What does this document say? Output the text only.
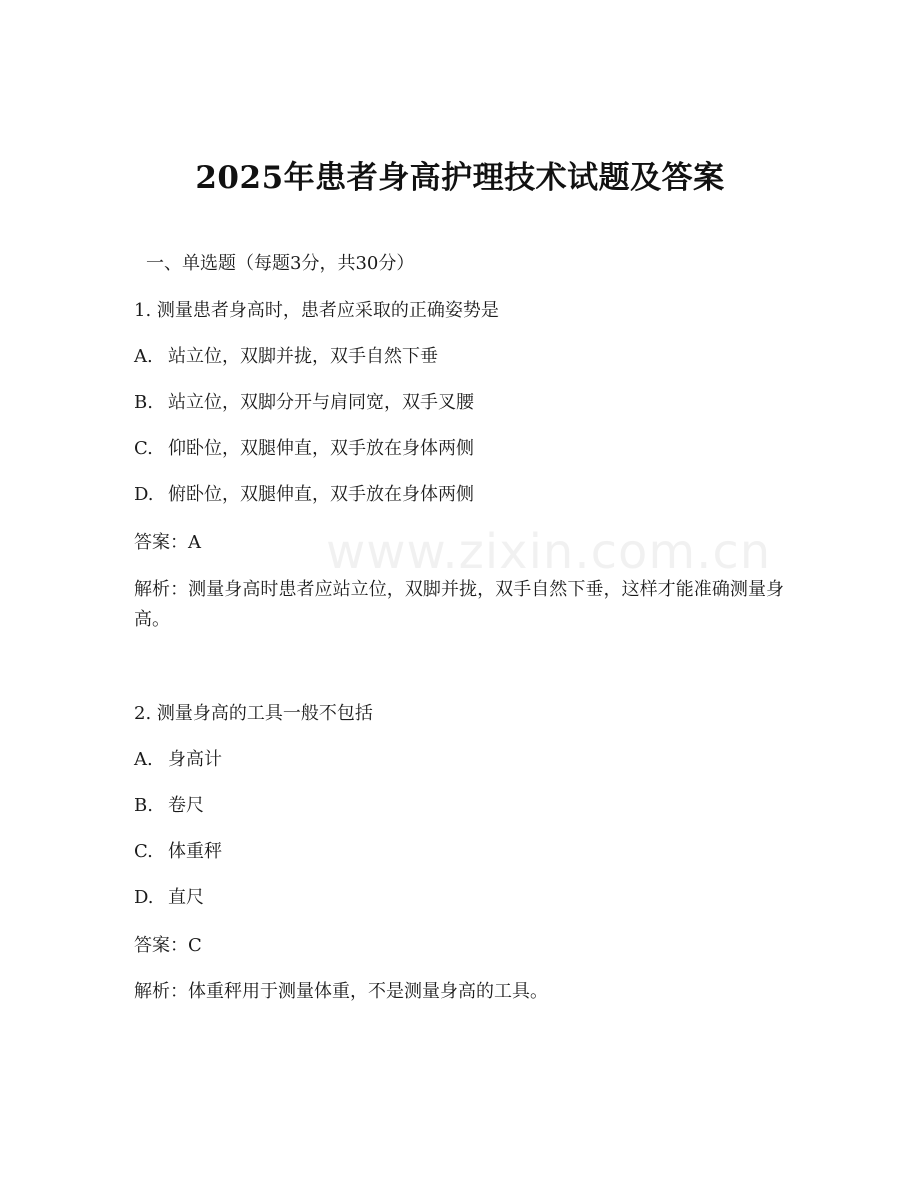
www.zixin.com.cn
2025年患者身高护理技术试题及答案
一、单选题（每题3分，共30分）
1. 测量患者身高时，患者应采取的正确姿势是
A. 站立位，双脚并拢，双手自然下垂
B. 站立位，双脚分开与肩同宽，双手叉腰
C. 仰卧位，双腿伸直，双手放在身体两侧
D. 俯卧位，双腿伸直，双手放在身体两侧
答案：A
解析：测量身高时患者应站立位，双脚并拢，双手自然下垂，这样才能准确测量身高。
2. 测量身高的工具一般不包括
A. 身高计
B. 卷尺
C. 体重秤
D. 直尺
答案：C
解析：体重秤用于测量体重，不是测量身高的工具。
